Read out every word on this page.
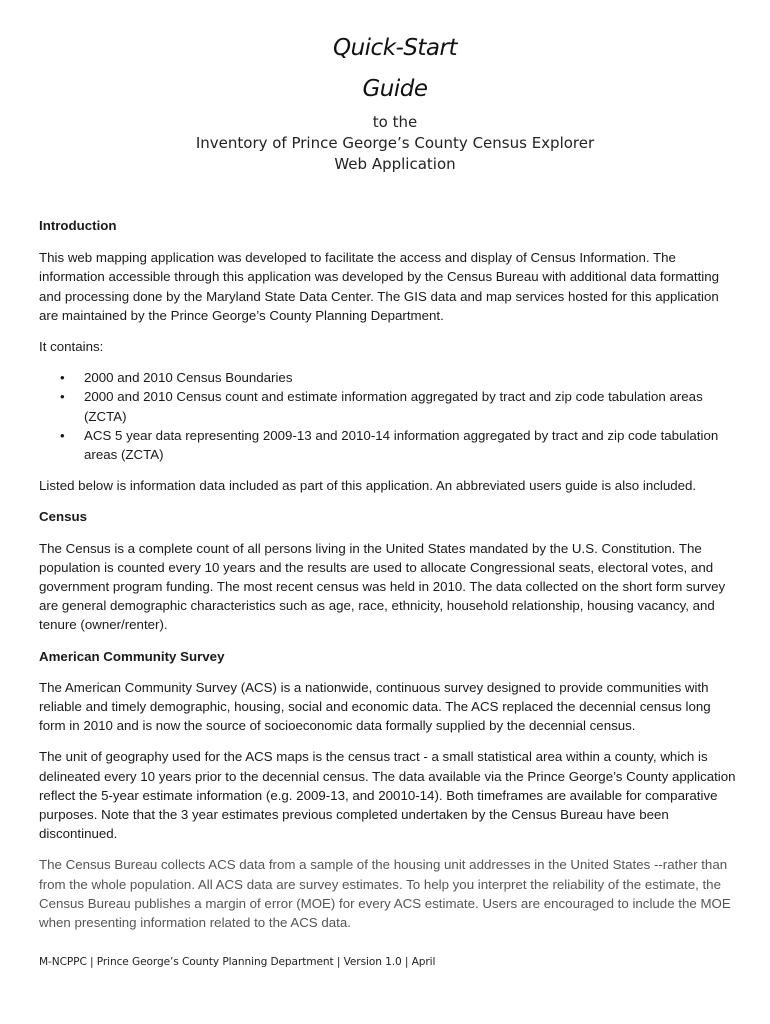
Quick-Start
Guide
to the
Inventory of Prince George’s County Census Explorer
Web Application

Introduction

This web mapping application was developed to facilitate the access and display of Census Information. The information accessible through this application was developed by the Census Bureau with additional data formatting and processing done by the Maryland State Data Center. The GIS data and map services hosted for this application are maintained by the Prince George’s County Planning Department.

It contains:

• 2000 and 2010 Census Boundaries
• 2000 and 2010 Census count and estimate information aggregated by tract and zip code tabulation areas (ZCTA)
• ACS 5 year data representing 2009-13 and 2010-14 information aggregated by tract and zip code tabulation areas (ZCTA)

Listed below is information data included as part of this application. An abbreviated users guide is also included.

Census

The Census is a complete count of all persons living in the United States mandated by the U.S. Constitution. The population is counted every 10 years and the results are used to allocate Congressional seats, electoral votes, and government program funding. The most recent census was held in 2010. The data collected on the short form survey are general demographic characteristics such as age, race, ethnicity, household relationship, housing vacancy, and tenure (owner/renter).

American Community Survey

The American Community Survey (ACS) is a nationwide, continuous survey designed to provide communities with reliable and timely demographic, housing, social and economic data. The ACS replaced the decennial census long form in 2010 and is now the source of socioeconomic data formally supplied by the decennial census.

The unit of geography used for the ACS maps is the census tract - a small statistical area within a county, which is delineated every 10 years prior to the decennial census. The data available via the Prince George’s County application reflect the 5-year estimate information (e.g. 2009-13, and 20010-14). Both timeframes are available for comparative purposes. Note that the 3 year estimates previous completed undertaken by the Census Bureau have been discontinued.

The Census Bureau collects ACS data from a sample of the housing unit addresses in the United States --rather than from the whole population. All ACS data are survey estimates. To help you interpret the reliability of the estimate, the Census Bureau publishes a margin of error (MOE) for every ACS estimate. Users are encouraged to include the MOE when presenting information related to the ACS data.

M-NCPPC | Prince George’s County Planning Department | Version 1.0 | April
